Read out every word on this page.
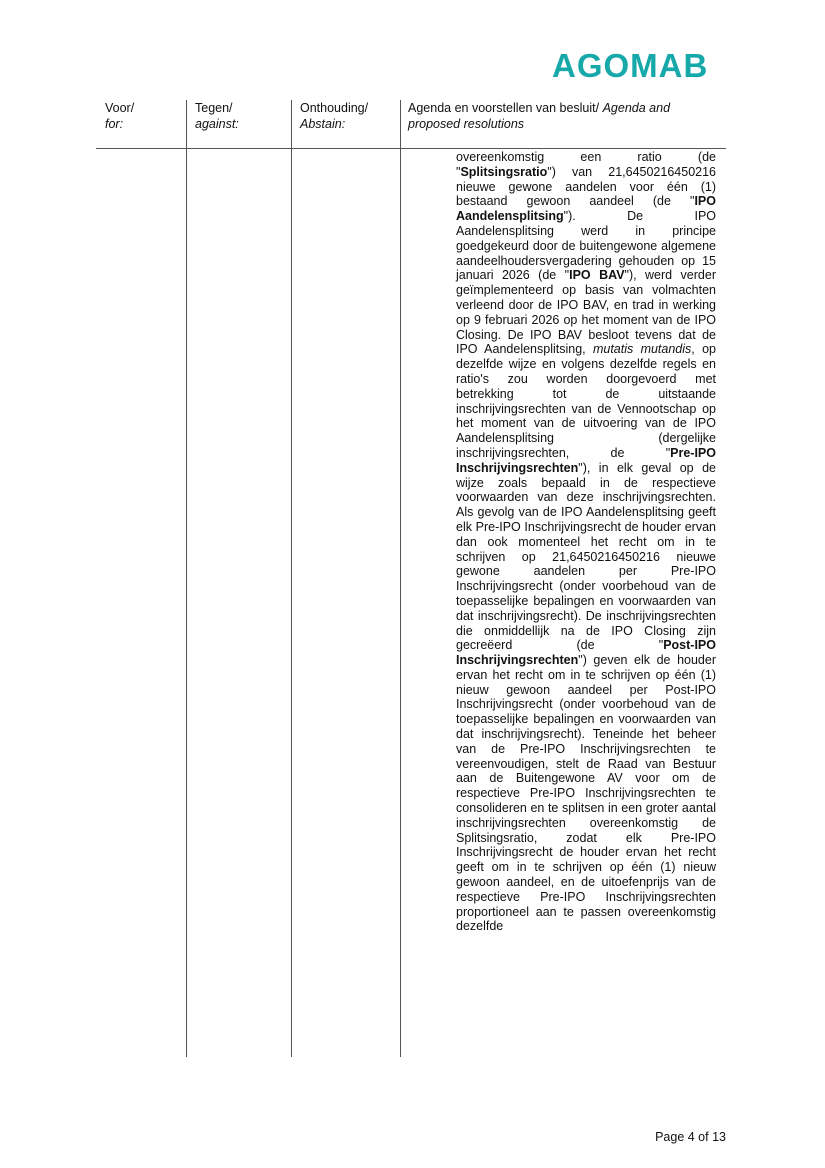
AGOMAB
Voor/
for:
Tegen/
against:
Onthouding/
Abstain:
Agenda en voorstellen van besluit/ Agenda and proposed resolutions
overeenkomstig een ratio (de "Splitsingsratio") van 21,6450216450216 nieuwe gewone aandelen voor één (1) bestaand gewoon aandeel (de "IPO Aandelensplitsing"). De IPO Aandelensplitsing werd in principe goedgekeurd door de buitengewone algemene aandeelhoudersvergadering gehouden op 15 januari 2026 (de "IPO BAV"), werd verder geïmplementeerd op basis van volmachten verleend door de IPO BAV, en trad in werking op 9 februari 2026 op het moment van de IPO Closing. De IPO BAV besloot tevens dat de IPO Aandelensplitsing, mutatis mutandis, op dezelfde wijze en volgens dezelfde regels en ratio's zou worden doorgevoerd met betrekking tot de uitstaande inschrijvingsrechten van de Vennootschap op het moment van de uitvoering van de IPO Aandelensplitsing (dergelijke inschrijvingsrechten, de "Pre-IPO Inschrijvingsrechten"), in elk geval op de wijze zoals bepaald in de respectieve voorwaarden van deze inschrijvingsrechten. Als gevolg van de IPO Aandelensplitsing geeft elk Pre-IPO Inschrijvingsrecht de houder ervan dan ook momenteel het recht om in te schrijven op 21,6450216450216 nieuwe gewone aandelen per Pre-IPO Inschrijvingsrecht (onder voorbehoud van de toepasselijke bepalingen en voorwaarden van dat inschrijvingsrecht). De inschrijvingsrechten die onmiddellijk na de IPO Closing zijn gecreëerd (de "Post-IPO Inschrijvingsrechten") geven elk de houder ervan het recht om in te schrijven op één (1) nieuw gewoon aandeel per Post-IPO Inschrijvingsrecht (onder voorbehoud van de toepasselijke bepalingen en voorwaarden van dat inschrijvingsrecht). Teneinde het beheer van de Pre-IPO Inschrijvingsrechten te vereenvoudigen, stelt de Raad van Bestuur aan de Buitengewone AV voor om de respectieve Pre-IPO Inschrijvingsrechten te consolideren en te splitsen in een groter aantal inschrijvingsrechten overeenkomstig de Splitsingsratio, zodat elk Pre-IPO Inschrijvingsrecht de houder ervan het recht geeft om in te schrijven op één (1) nieuw gewoon aandeel, en de uitoefenprijs van de respectieve Pre-IPO Inschrijvingsrechten proportioneel aan te passen overeenkomstig dezelfde
Page 4 of 13
